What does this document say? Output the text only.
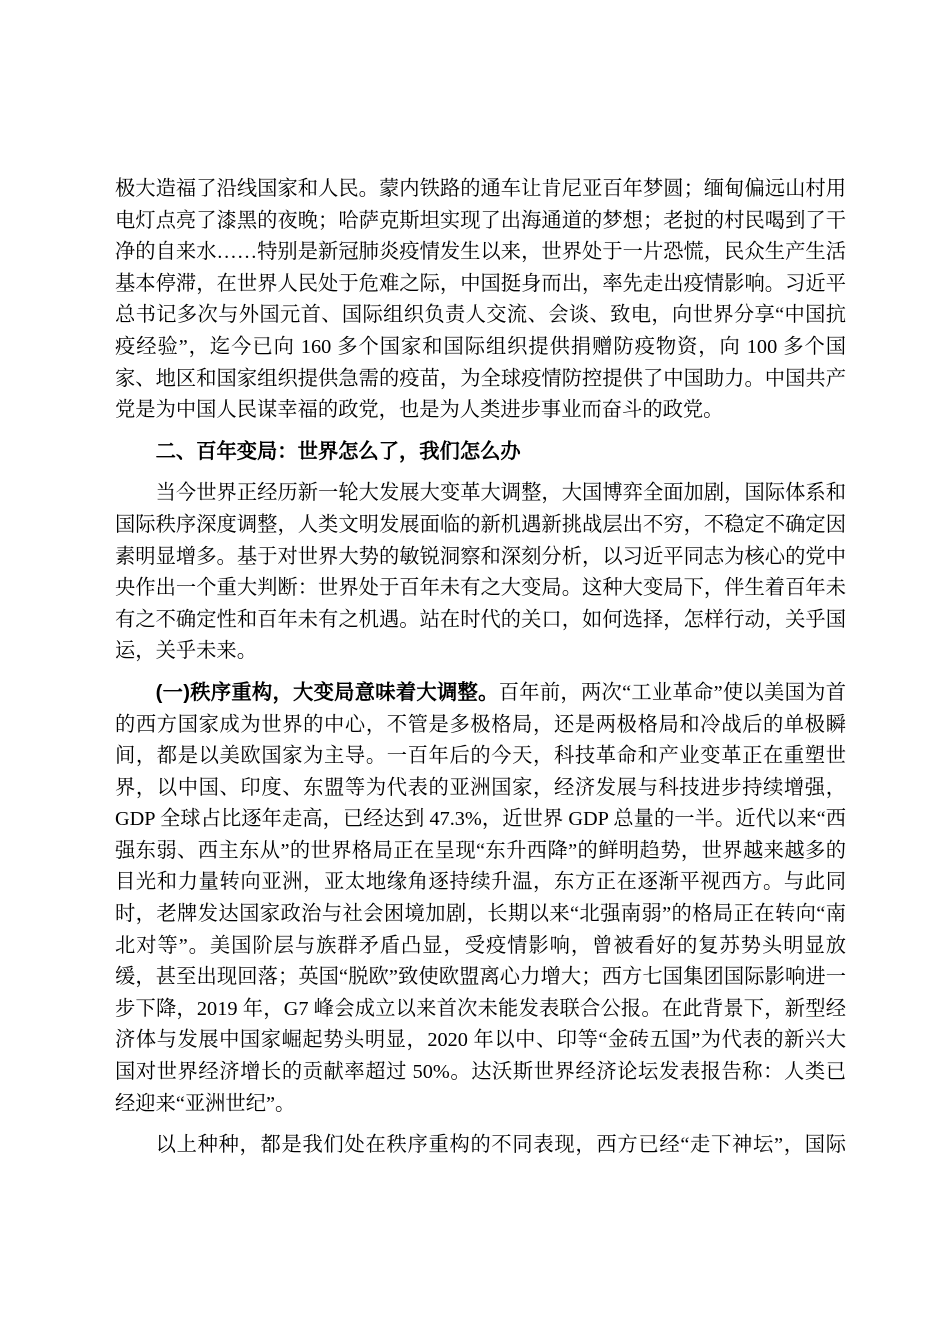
极大造福了沿线国家和人民。蒙内铁路的通车让肯尼亚百年梦圆；缅甸偏远山村用电灯点亮了漆黑的夜晚；哈萨克斯坦实现了出海通道的梦想；老挝的村民喝到了干净的自来水……特别是新冠肺炎疫情发生以来，世界处于一片恐慌，民众生产生活基本停滞，在世界人民处于危难之际，中国挺身而出，率先走出疫情影响。习近平总书记多次与外国元首、国际组织负责人交流、会谈、致电，向世界分享“中国抗疫经验”，迄今已向 160 多个国家和国际组织提供捐赠防疫物资，向 100 多个国家、地区和国家组织提供急需的疫苗，为全球疫情防控提供了中国助力。中国共产党是为中国人民谋幸福的政党，也是为人类进步事业而奋斗的政党。

二、百年变局：世界怎么了，我们怎么办

当今世界正经历新一轮大发展大变革大调整，大国博弈全面加剧，国际体系和国际秩序深度调整，人类文明发展面临的新机遇新挑战层出不穷，不稳定不确定因素明显增多。基于对世界大势的敏锐洞察和深刻分析，以习近平同志为核心的党中央作出一个重大判断：世界处于百年未有之大变局。这种大变局下，伴生着百年未有之不确定性和百年未有之机遇。站在时代的关口，如何选择，怎样行动，关乎国运，关乎未来。

(一)秩序重构，大变局意味着大调整。百年前，两次“工业革命”使以美国为首的西方国家成为世界的中心，不管是多极格局，还是两极格局和冷战后的单极瞬间，都是以美欧国家为主导。一百年后的今天，科技革命和产业变革正在重塑世界，以中国、印度、东盟等为代表的亚洲国家，经济发展与科技进步持续增强，GDP 全球占比逐年走高，已经达到 47.3%，近世界 GDP 总量的一半。近代以来“西强东弱、西主东从”的世界格局正在呈现“东升西降”的鲜明趋势，世界越来越多的目光和力量转向亚洲，亚太地缘角逐持续升温，东方正在逐渐平视西方。与此同时，老牌发达国家政治与社会困境加剧，长期以来“北强南弱”的格局正在转向“南北对等”。美国阶层与族群矛盾凸显，受疫情影响，曾被看好的复苏势头明显放缓，甚至出现回落；英国“脱欧”致使欧盟离心力增大；西方七国集团国际影响进一步下降，2019 年，G7 峰会成立以来首次未能发表联合公报。在此背景下，新型经济体与发展中国家崛起势头明显，2020 年以中、印等“金砖五国”为代表的新兴大国对世界经济增长的贡献率超过 50%。达沃斯世界经济论坛发表报告称：人类已经迎来“亚洲世纪”。

以上种种，都是我们处在秩序重构的不同表现，西方已经“走下神坛”，国际
